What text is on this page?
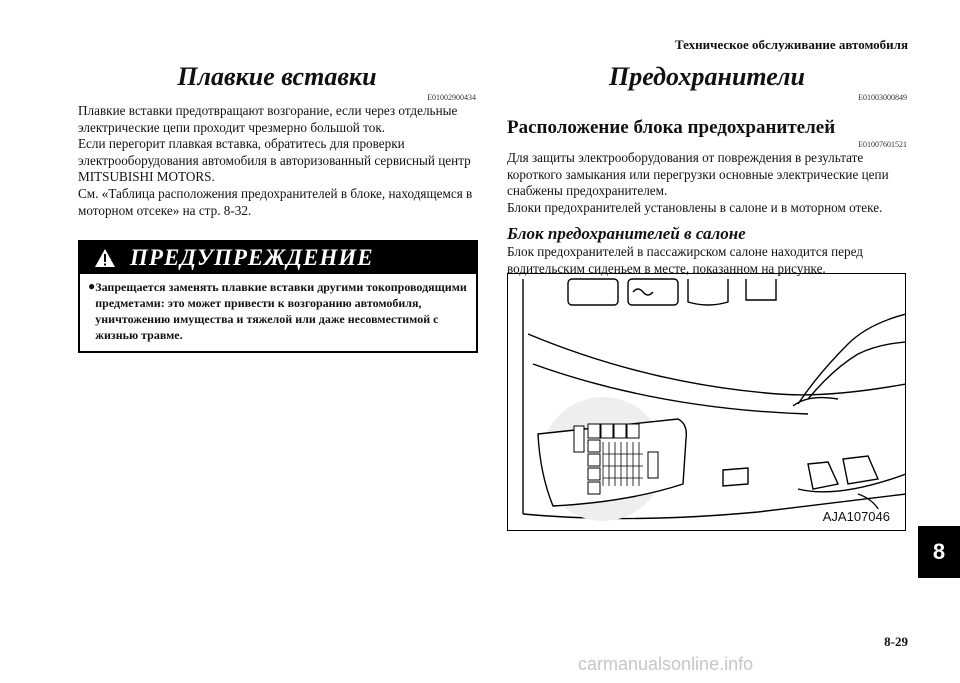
Техническое обслуживание автомобиля
Плавкие вставки
E01002900434

Плавкие вставки предотвращают возгорание, если через отдельные электрические цепи проходит чрезмерно большой ток.

Если перегорит плавкая вставка, обратитесь для проверки электрооборудования автомобиля в авторизованный сервисный центр MITSUBISHI MOTORS.

См. «Таблица расположения предохранителей в блоке, находящемся в моторном отсеке» на стр. 8-32.

ПРЕДУПРЕЖДЕНИЕ
● Запрещается заменять плавкие вставки другими токопроводящими предметами: это может привести к возгоранию автомобиля, уничтожению имущества и тяжелой или даже несовместимой с жизнью травме.
Предохранители
E01003000849
Расположение блока предохранителей
E01007601521

Для защиты электрооборудования от повреждения в результате короткого замыкания или перегрузки основные электрические цепи снабжены предохранителем.

Блоки предохранителей установлены в салоне и в моторном отеке.

Блок предохранителей в салоне

Блок предохранителей в пассажирском салоне находится перед водительским сиденьем в месте, показанном на рисунке.

AJA107046
8
8-29
carmanualsonline.info
